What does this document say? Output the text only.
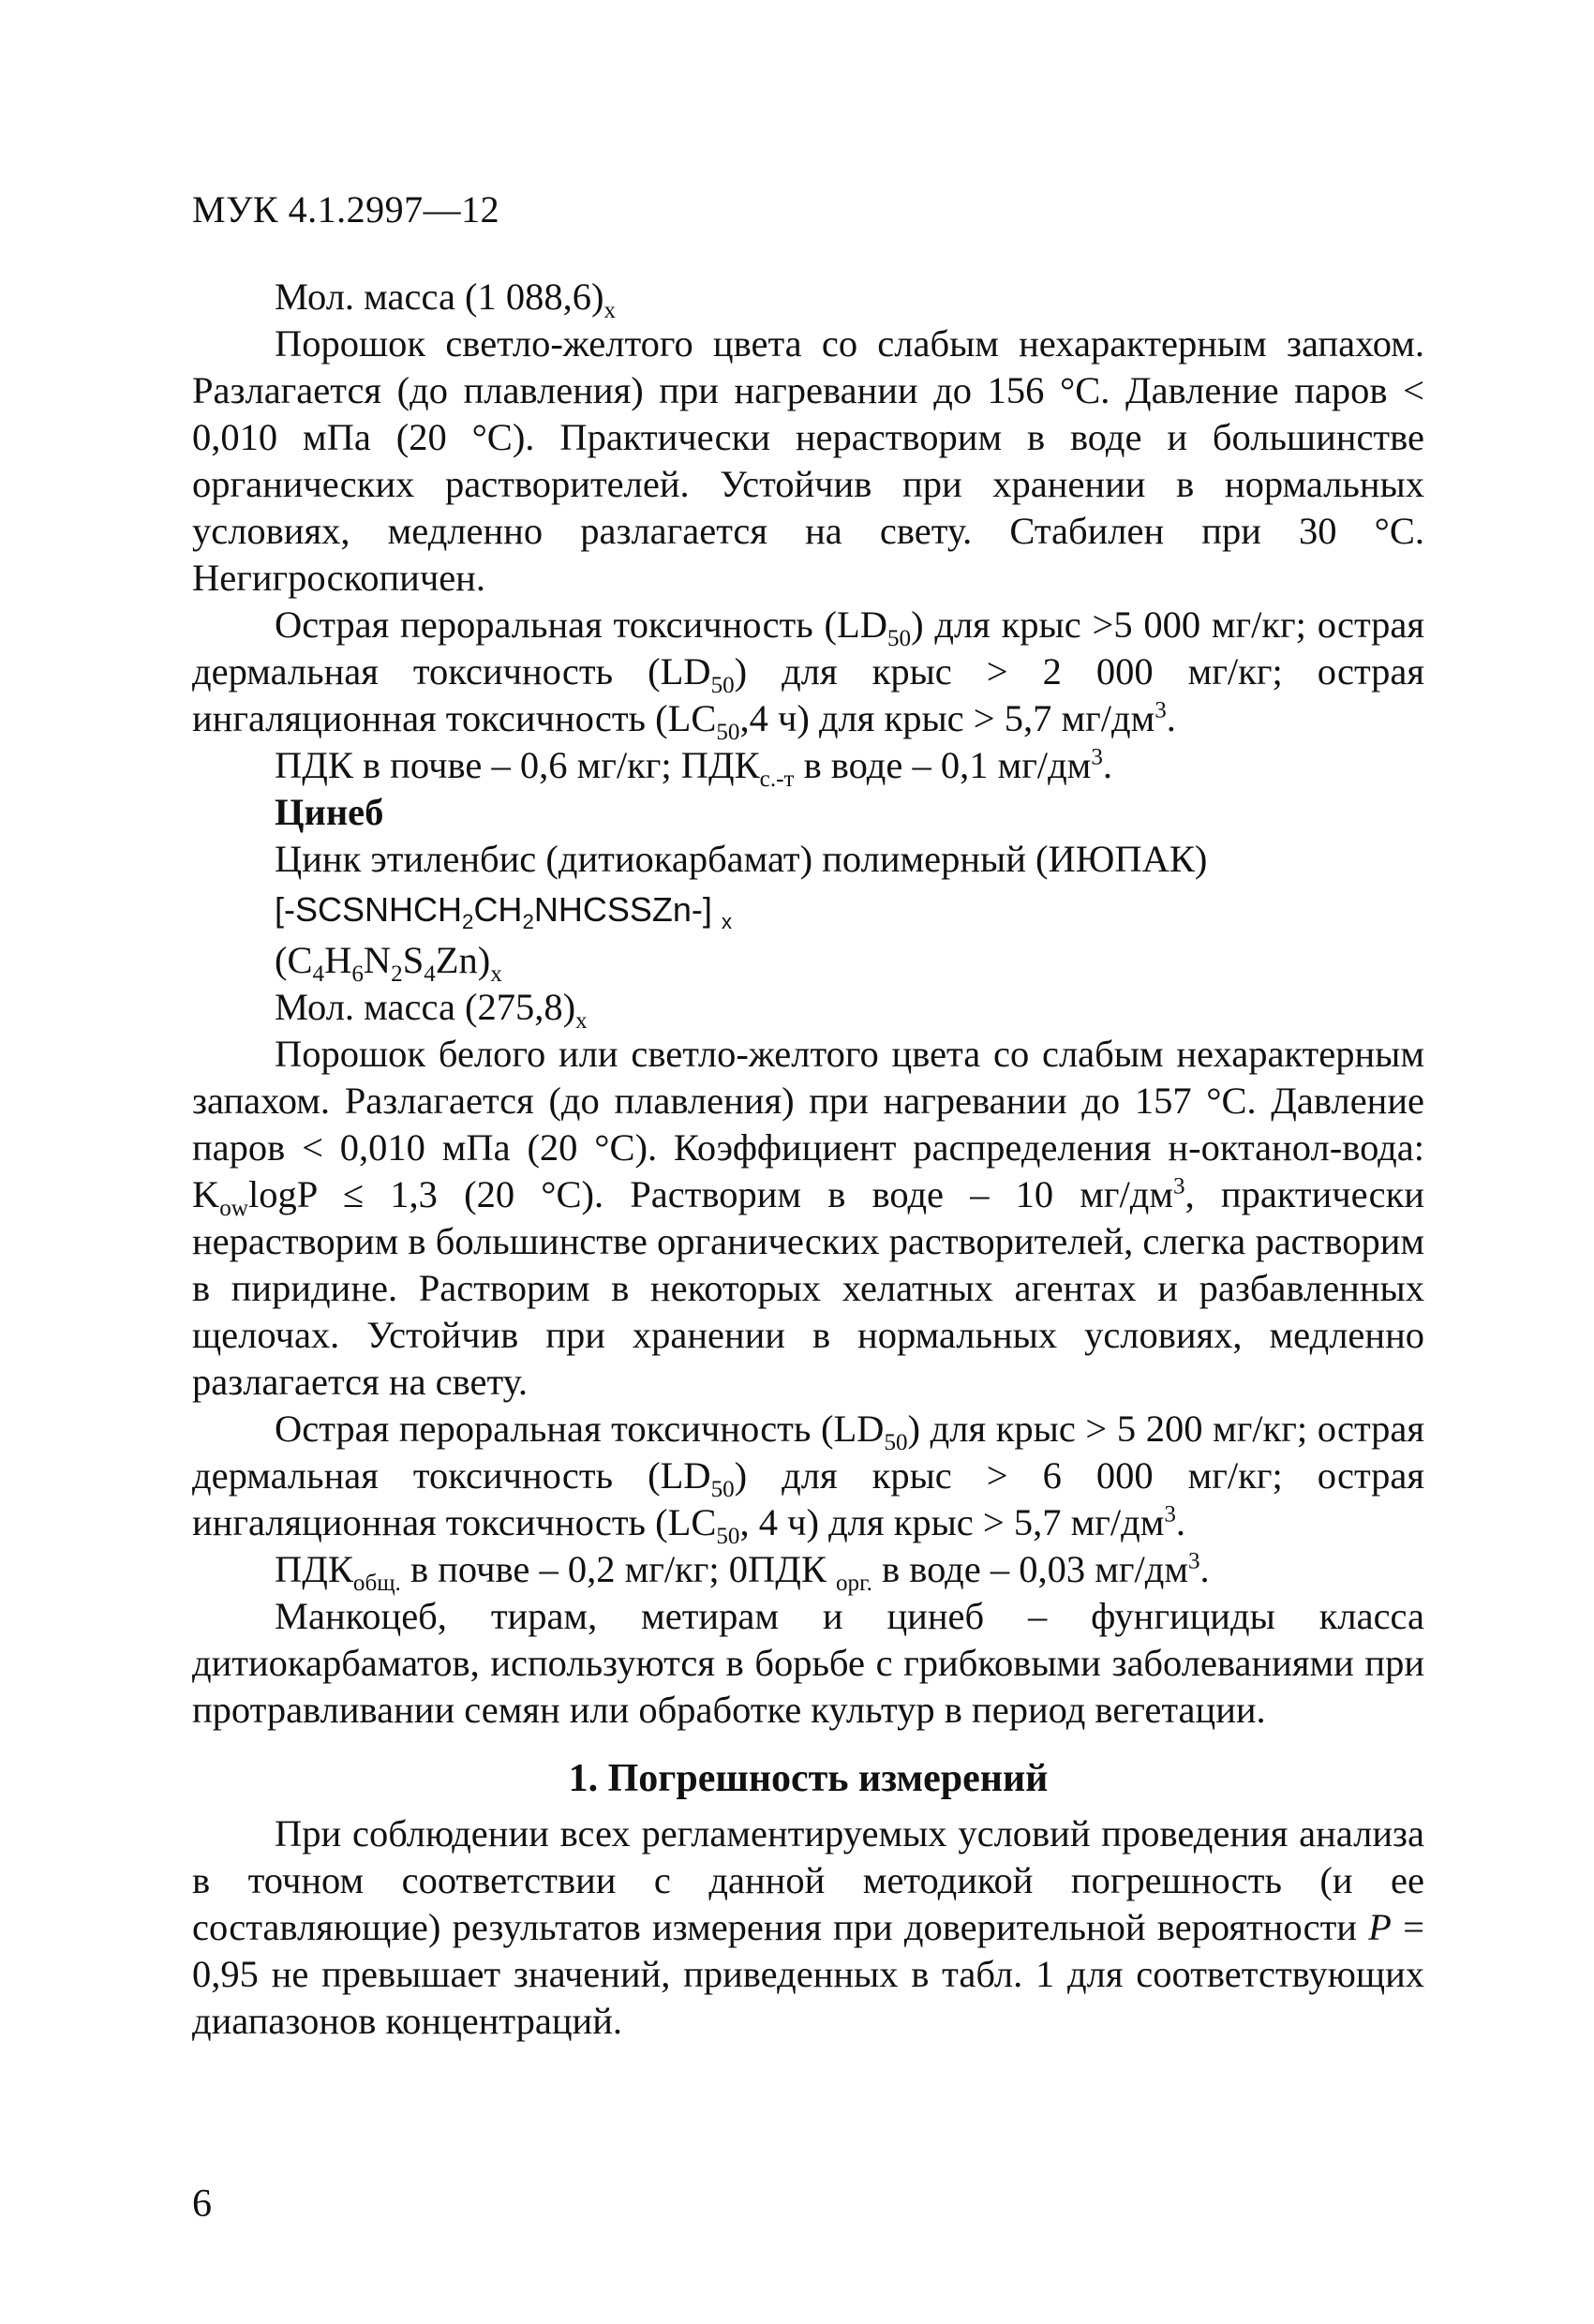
МУК 4.1.2997—12

Мол. масса (1 $088,6)_x$

Порошок светло-желтого цвета со слабым нехарактерным запахом. Разлагается (до плавления) при нагревании до 156 °С. Давление паров < 0,010 мПа (20 °С). Практически нерастворим в воде и большинстве органических растворителей. Устойчив при хранении в нормальных условиях, медленно разлагается на свету. Стабилен при 30 °С. Негигроскопичен.

Острая пероральная токсичность $(LD_{50})$ для крыс >5 000 мг/кг; острая дермальная токсичность $(LD_{50})$ для крыс > 2 000 мг/кг; острая ингаляционная токсичность ($LC_{50},4$ ч) для крыс > 5,7 $мг/дм^3$.

ПДК в почве – 0,6 мг/кг; $ПДК_{с.-т}$ в воде – 0,1 $мг/дм^3$.

Цинеб

Цинк этиленбис (дитиокарбамат) полимерный (ИЮПАК)

$[-SCSNHCH_2CH_2NHCSSZn-]$ $_x$

$(C_4H_6N_2S_4Zn)_x$

Мол. масса $(275,8)_x$

Порошок белого или светло-желтого цвета со слабым нехарактерным запахом. Разлагается (до плавления) при нагревании до 157 °С. Давление паров < 0,010 мПа (20 °С). Коэффициент распределения н-октанол-вода: $K_{ow}\log P \le 1,3$ (20 °С). Растворим в воде – 10 $мг/дм^3$, практически нерастворим в большинстве органических растворителей, слегка растворим в пиридине. Растворим в некоторых хелатных агентах и разбавленных щелочах. Устойчив при хранении в нормальных условиях, медленно разлагается на свету.

Острая пероральная токсичность $(LD_{50})$ для крыс > 5 200 мг/кг; острая дермальная токсичность $(LD_{50})$ для крыс > 6 000 мг/кг; острая ингаляционная токсичность ($LC_{50}$, 4 ч) для крыс > 5,7 $мг/дм^3$.

$ПДК_{общ.}$ в почве – 0,2 мг/кг; 0ПДК $_{орг.}$ в воде – 0,03 $мг/дм^3$.

Манкоцеб, тирам, метирам и цинеб – фунгициды класса дитиокарбаматов, используются в борьбе с грибковыми заболеваниями при протравливании семян или обработке культур в период вегетации.

1. Погрешность измерений

При соблюдении всех регламентируемых условий проведения анализа в точном соответствии с данной методикой погрешность (и ее составляющие) результатов измерения при доверительной вероятности P = 0,95 не превышает значений, приведенных в табл. 1 для соответствующих диапазонов концентраций.

6
